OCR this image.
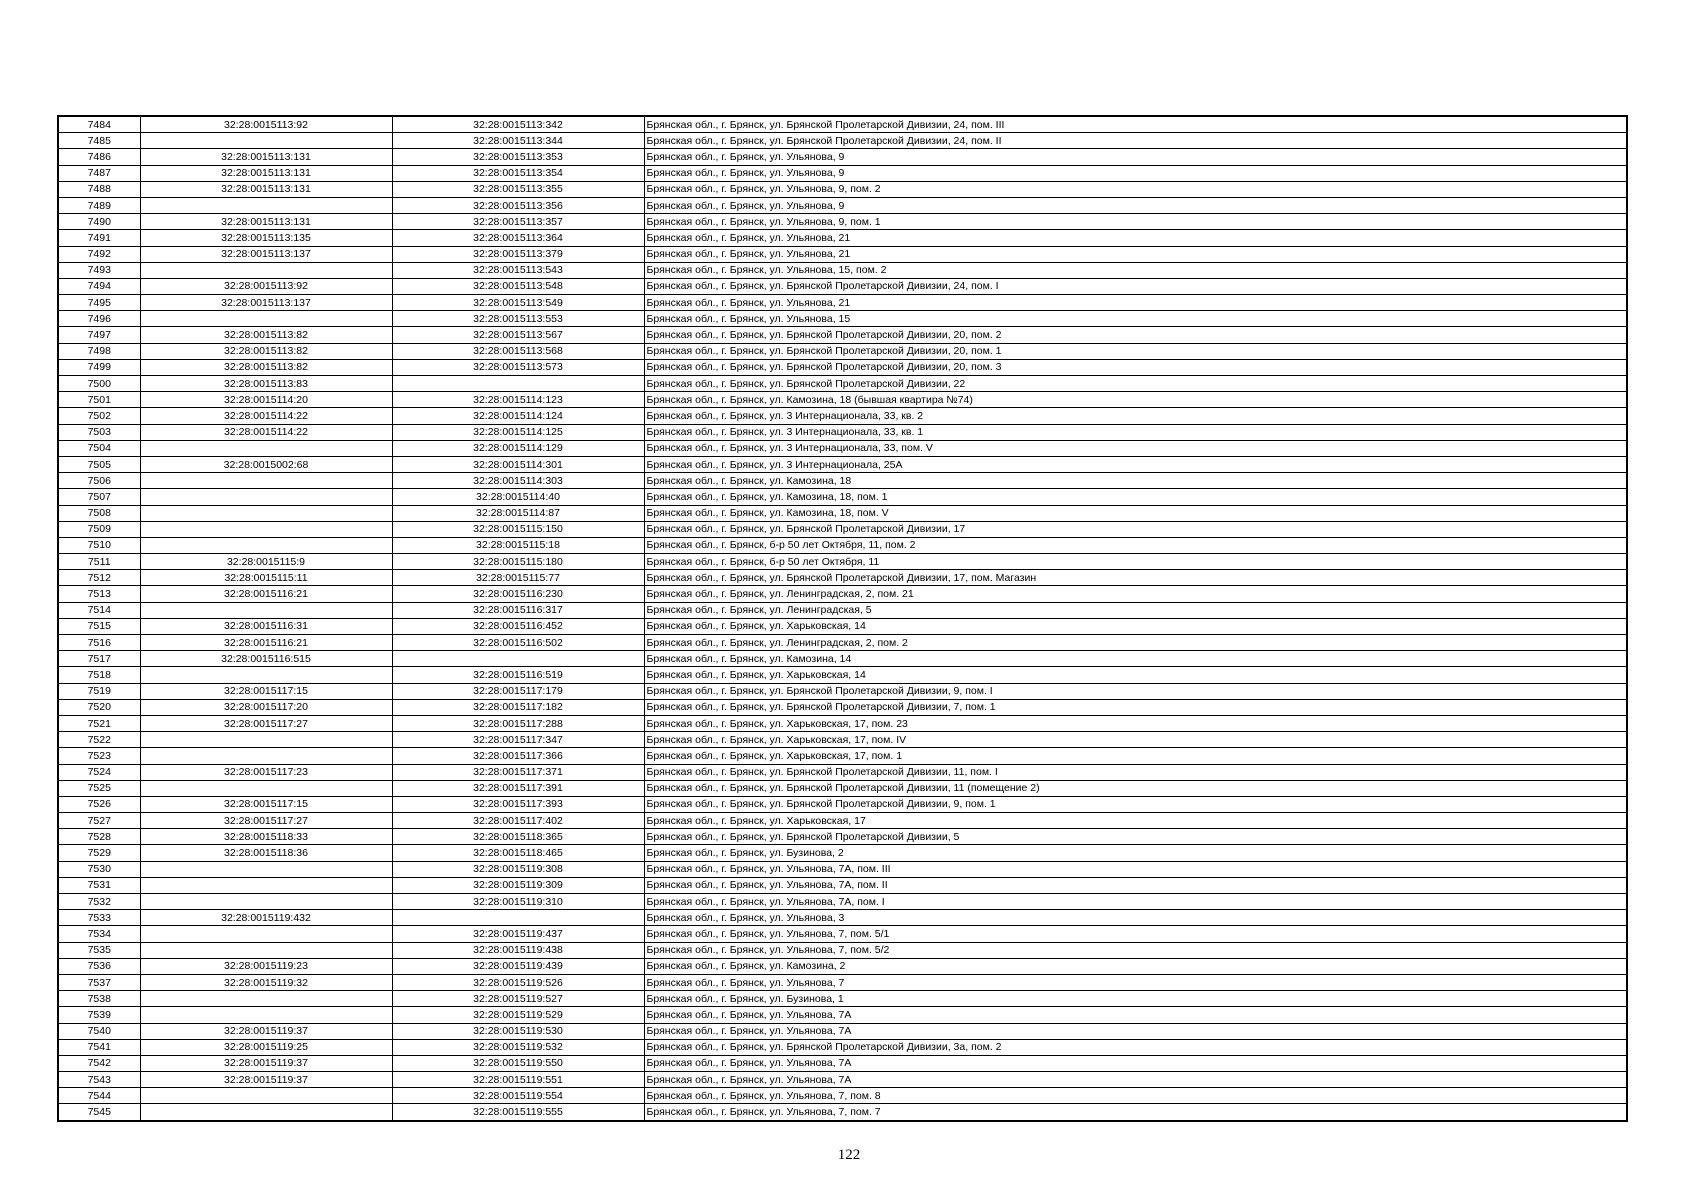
7484	32:28:0015113:92	32:28:0015113:342	Брянская обл., г. Брянск, ул. Брянской Пролетарской Дивизии, 24, пом. III
7485		32:28:0015113:344	Брянская обл., г. Брянск, ул. Брянской Пролетарской Дивизии, 24, пом. II
7486	32:28:0015113:131	32:28:0015113:353	Брянская обл., г. Брянск, ул. Ульянова, 9
7487	32:28:0015113:131	32:28:0015113:354	Брянская обл., г. Брянск, ул. Ульянова, 9
7488	32:28:0015113:131	32:28:0015113:355	Брянская обл., г. Брянск, ул. Ульянова, 9, пом. 2
7489		32:28:0015113:356	Брянская обл., г. Брянск, ул. Ульянова, 9
7490	32:28:0015113:131	32:28:0015113:357	Брянская обл., г. Брянск, ул. Ульянова, 9, пом. 1
7491	32:28:0015113:135	32:28:0015113:364	Брянская обл., г. Брянск, ул. Ульянова, 21
7492	32:28:0015113:137	32:28:0015113:379	Брянская обл., г. Брянск, ул. Ульянова, 21
7493		32:28:0015113:543	Брянская обл., г. Брянск, ул. Ульянова, 15, пом. 2
7494	32:28:0015113:92	32:28:0015113:548	Брянская обл., г. Брянск, ул. Брянской Пролетарской Дивизии, 24, пом. I
7495	32:28:0015113:137	32:28:0015113:549	Брянская обл., г. Брянск, ул. Ульянова, 21
7496		32:28:0015113:553	Брянская обл., г. Брянск, ул. Ульянова, 15
7497	32:28:0015113:82	32:28:0015113:567	Брянская обл., г. Брянск, ул. Брянской Пролетарской Дивизии, 20, пом. 2
7498	32:28:0015113:82	32:28:0015113:568	Брянская обл., г. Брянск, ул. Брянской Пролетарской Дивизии, 20, пом. 1
7499	32:28:0015113:82	32:28:0015113:573	Брянская обл., г. Брянск, ул. Брянской Пролетарской Дивизии, 20, пом. 3
7500	32:28:0015113:83		Брянская обл., г. Брянск, ул. Брянской Пролетарской Дивизии, 22
7501	32:28:0015114:20	32:28:0015114:123	Брянская обл., г. Брянск, ул. Камозина, 18 (бывшая квартира №74)
7502	32:28:0015114:22	32:28:0015114:124	Брянская обл., г. Брянск, ул. 3 Интернационала, 33, кв. 2
7503	32:28:0015114:22	32:28:0015114:125	Брянская обл., г. Брянск, ул. 3 Интернационала, 33, кв. 1
7504		32:28:0015114:129	Брянская обл., г. Брянск, ул. 3 Интернационала, 33, пом. V
7505	32:28:0015002:68	32:28:0015114:301	Брянская обл., г. Брянск, ул. 3 Интернационала, 25А
7506		32:28:0015114:303	Брянская обл., г. Брянск, ул. Камозина, 18
7507		32:28:0015114:40	Брянская обл., г. Брянск, ул. Камозина, 18, пом. 1
7508		32:28:0015114:87	Брянская обл., г. Брянск, ул. Камозина, 18, пом. V
7509		32:28:0015115:150	Брянская обл., г. Брянск, ул. Брянской Пролетарской Дивизии, 17
7510		32:28:0015115:18	Брянская обл., г. Брянск, б-р 50 лет Октября, 11, пом. 2
7511	32:28:0015115:9	32:28:0015115:180	Брянская обл., г. Брянск, б-р 50 лет Октября, 11
7512	32:28:0015115:11	32:28:0015115:77	Брянская обл., г. Брянск, ул. Брянской Пролетарской Дивизии, 17, пом. Магазин
7513	32:28:0015116:21	32:28:0015116:230	Брянская обл., г. Брянск, ул. Ленинградская, 2, пом. 21
7514		32:28:0015116:317	Брянская обл., г. Брянск, ул. Ленинградская, 5
7515	32:28:0015116:31	32:28:0015116:452	Брянская обл., г. Брянск, ул. Харьковская, 14
7516	32:28:0015116:21	32:28:0015116:502	Брянская обл., г. Брянск, ул. Ленинградская, 2, пом. 2
7517	32:28:0015116:515		Брянская обл., г. Брянск, ул. Камозина, 14
7518		32:28:0015116:519	Брянская обл., г. Брянск, ул. Харьковская, 14
7519	32:28:0015117:15	32:28:0015117:179	Брянская обл., г. Брянск, ул. Брянской Пролетарской Дивизии, 9, пом. I
7520	32:28:0015117:20	32:28:0015117:182	Брянская обл., г. Брянск, ул. Брянской Пролетарской Дивизии, 7, пом. 1
7521	32:28:0015117:27	32:28:0015117:288	Брянская обл., г. Брянск, ул. Харьковская, 17, пом. 23
7522		32:28:0015117:347	Брянская обл., г. Брянск, ул. Харьковская, 17, пом. IV
7523		32:28:0015117:366	Брянская обл., г. Брянск, ул. Харьковская, 17, пом. 1
7524	32:28:0015117:23	32:28:0015117:371	Брянская обл., г. Брянск, ул. Брянской Пролетарской Дивизии, 11, пом. I
7525		32:28:0015117:391	Брянская обл., г. Брянск, ул. Брянской Пролетарской Дивизии, 11 (помещение 2)
7526	32:28:0015117:15	32:28:0015117:393	Брянская обл., г. Брянск, ул. Брянской Пролетарской Дивизии, 9, пом. 1
7527	32:28:0015117:27	32:28:0015117:402	Брянская обл., г. Брянск, ул. Харьковская, 17
7528	32:28:0015118:33	32:28:0015118:365	Брянская обл., г. Брянск, ул. Брянской Пролетарской Дивизии, 5
7529	32:28:0015118:36	32:28:0015118:465	Брянская обл., г. Брянск, ул. Бузинова, 2
7530		32:28:0015119:308	Брянская обл., г. Брянск, ул. Ульянова, 7А, пом. III
7531		32:28:0015119:309	Брянская обл., г. Брянск, ул. Ульянова, 7А, пом. II
7532		32:28:0015119:310	Брянская обл., г. Брянск, ул. Ульянова, 7А, пом. I
7533	32:28:0015119:432		Брянская обл., г. Брянск, ул. Ульянова, 3
7534		32:28:0015119:437	Брянская обл., г. Брянск, ул. Ульянова, 7, пом. 5/1
7535		32:28:0015119:438	Брянская обл., г. Брянск, ул. Ульянова, 7, пом. 5/2
7536	32:28:0015119:23	32:28:0015119:439	Брянская обл., г. Брянск, ул. Камозина, 2
7537	32:28:0015119:32	32:28:0015119:526	Брянская обл., г. Брянск, ул. Ульянова, 7
7538		32:28:0015119:527	Брянская обл., г. Брянск, ул. Бузинова, 1
7539		32:28:0015119:529	Брянская обл., г. Брянск, ул. Ульянова, 7А
7540	32:28:0015119:37	32:28:0015119:530	Брянская обл., г. Брянск, ул. Ульянова, 7А
7541	32:28:0015119:25	32:28:0015119:532	Брянская обл., г. Брянск, ул. Брянской Пролетарской Дивизии, 3а, пом. 2
7542	32:28:0015119:37	32:28:0015119:550	Брянская обл., г. Брянск, ул. Ульянова, 7А
7543	32:28:0015119:37	32:28:0015119:551	Брянская обл., г. Брянск, ул. Ульянова, 7А
7544		32:28:0015119:554	Брянская обл., г. Брянск, ул. Ульянова, 7, пом. 8
7545		32:28:0015119:555	Брянская обл., г. Брянск, ул. Ульянова, 7, пом. 7
122
